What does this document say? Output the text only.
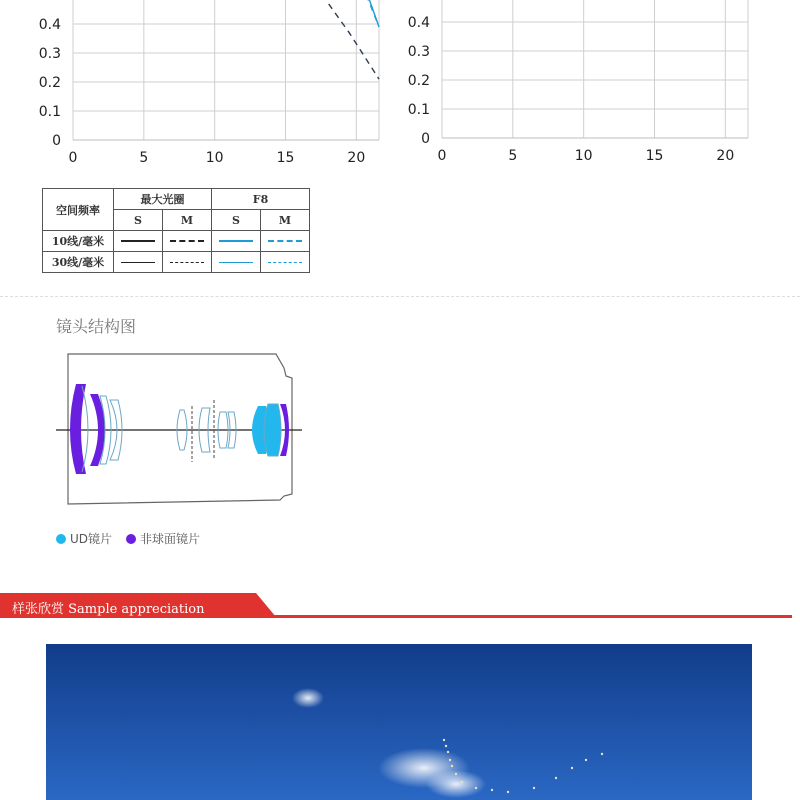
0
0.1
0.2
0.3
0.4
0	5	10	15	20
0
0.1
0.2
0.3
0.4
0	5	10	15	20
空间频率	最大光圈		F8	
	S	M	S	M
10线/毫米	

30线/毫米	

镜头结构图
UD镜片 非球面镜片
样张欣赏 Sample appreciation
